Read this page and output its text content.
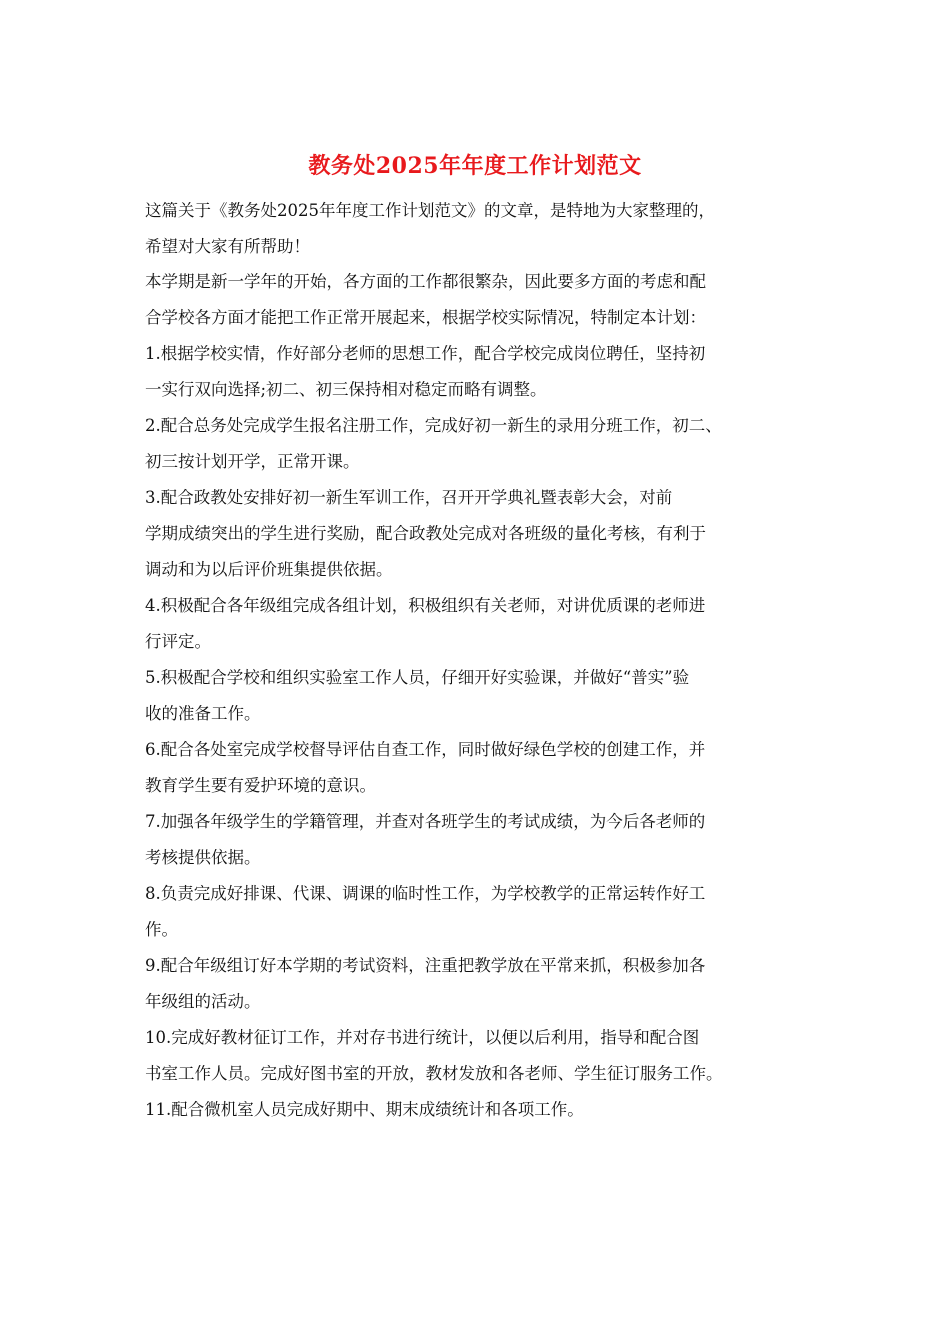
教务处2025年年度工作计划范文
这篇关于《教务处2025年年度工作计划范文》的文章，是特地为大家整理的，
希望对大家有所帮助！
本学期是新一学年的开始，各方面的工作都很繁杂，因此要多方面的考虑和配
合学校各方面才能把工作正常开展起来，根据学校实际情况，特制定本计划：
1.根据学校实情，作好部分老师的思想工作，配合学校完成岗位聘任，坚持初
一实行双向选择;初二、初三保持相对稳定而略有调整。
2.配合总务处完成学生报名注册工作，完成好初一新生的录用分班工作，初二、
初三按计划开学，正常开课。
3.配合政教处安排好初一新生军训工作，召开开学典礼暨表彰大会，对前
学期成绩突出的学生进行奖励，配合政教处完成对各班级的量化考核，有利于
调动和为以后评价班集提供依据。
4.积极配合各年级组完成各组计划，积极组织有关老师，对讲优质课的老师进
行评定。
5.积极配合学校和组织实验室工作人员，仔细开好实验课，并做好“普实”验
收的准备工作。
6.配合各处室完成学校督导评估自查工作，同时做好绿色学校的创建工作，并
教育学生要有爱护环境的意识。
7.加强各年级学生的学籍管理，并查对各班学生的考试成绩，为今后各老师的
考核提供依据。
8.负责完成好排课、代课、调课的临时性工作，为学校教学的正常运转作好工
作。
9.配合年级组订好本学期的考试资料，注重把教学放在平常来抓，积极参加各
年级组的活动。
10.完成好教材征订工作，并对存书进行统计，以便以后利用，指导和配合图
书室工作人员。完成好图书室的开放，教材发放和各老师、学生征订服务工作。
11.配合微机室人员完成好期中、期末成绩统计和各项工作。
